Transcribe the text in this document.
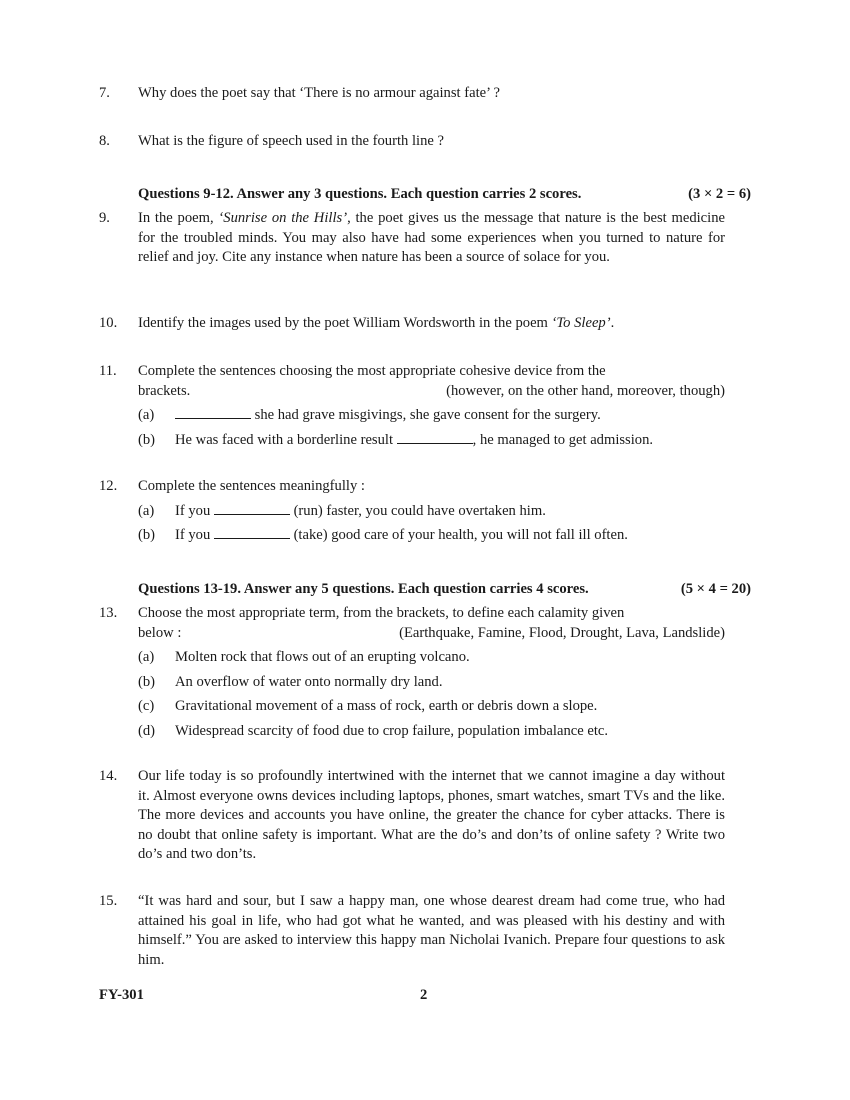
7. Why does the poet say that ‘There is no armour against fate’ ?
8. What is the figure of speech used in the fourth line ?
Questions 9-12. Answer any 3 questions. Each question carries 2 scores.	(3 × 2 = 6)
9. In the poem, ‘Sunrise on the Hills’, the poet gives us the message that nature is the best medicine for the troubled minds. You may also have had some experiences when you turned to nature for relief and joy. Cite any instance when nature has been a source of solace for you.
10. Identify the images used by the poet William Wordsworth in the poem ‘To Sleep’.
11. Complete the sentences choosing the most appropriate cohesive device from the
brackets.	(however, on the other hand, moreover, though)
(a)	she had grave misgivings, she gave consent for the surgery.
(b) He was faced with a borderline result	, he managed to get admission.
12. Complete the sentences meaningfully :
(a) If you	(run) faster, you could have overtaken him.
(b) If you	(take) good care of your health, you will not fall ill often.
Questions 13-19. Answer any 5 questions. Each question carries 4 scores.	(5 × 4 = 20)
13. Choose the most appropriate term, from the brackets, to define each calamity given
below :	(Earthquake, Famine, Flood, Drought, Lava, Landslide)
(a) Molten rock that flows out of an erupting volcano.
(b) An overflow of water onto normally dry land.
(c) Gravitational movement of a mass of rock, earth or debris down a slope.
(d) Widespread scarcity of food due to crop failure, population imbalance etc.
14. Our life today is so profoundly intertwined with the internet that we cannot imagine a day without it. Almost everyone owns devices including laptops, phones, smart watches, smart TVs and the like. The more devices and accounts you have online, the greater the chance for cyber attacks. There is no doubt that online safety is important. What are the do’s and don’ts of online safety ? Write two do’s and two don’ts.
15. “It was hard and sour, but I saw a happy man, one whose dearest dream had come true, who had attained his goal in life, who had got what he wanted, and was pleased with his destiny and with himself.” You are asked to interview this happy man Nicholai Ivanich. Prepare four questions to ask him.
FY-301	2
